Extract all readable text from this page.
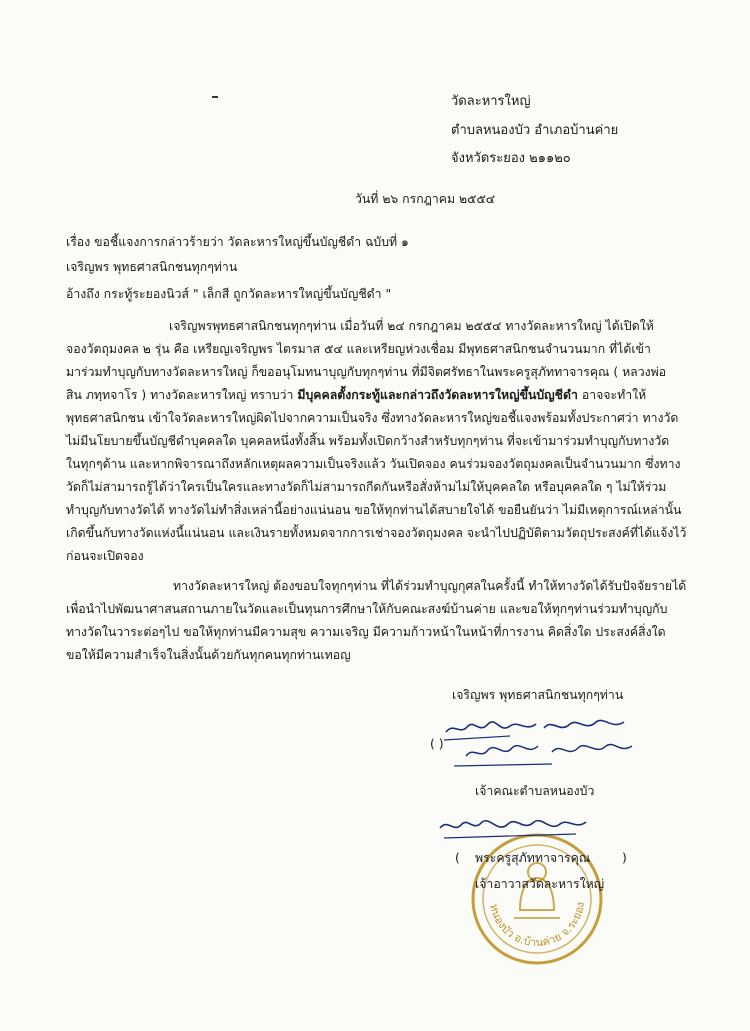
วัดละหารใหญ่
ตำบลหนองบัว อำเภอบ้านค่าย
จังหวัดระยอง ๒๑๑๒๐
วันที่ ๒๖ กรกฎาคม ๒๕๕๔
เรื่อง ขอชี้แจงการกล่าวร้ายว่า วัดละหารใหญ่ขึ้นบัญชีดำ ฉบับที่ ๑
เจริญพร พุทธศาสนิกชนทุกๆท่าน
อ้างถึง กระทู้ระยองนิวส์ " เล็กสี ถูกวัดละหารใหญ่ขึ้นบัญชีดำ "
เจริญพรพุทธศาสนิกชนทุกๆท่าน เมื่อวันที่ ๒๔ กรกฎาคม ๒๕๕๔ ทางวัดละหารใหญ่ ได้เปิดให้
จองวัตถุมงคล ๒ รุ่น คือ เหรียญเจริญพร ไตรมาส ๕๔ และเหรียญห่วงเชื่อม มีพุทธศาสนิกชนจำนวนมาก ที่ได้เข้า
มาร่วมทำบุญกับทางวัดละหารใหญ่ ก็ขออนุโมทนาบุญกับทุกๆท่าน ที่มีจิตศรัทธาในพระครูสุภัททาจารคุณ ( หลวงพ่อ
สิน ภทฺทจาโร ) ทางวัดละหารใหญ่ ทราบว่า มีบุคคลตั้งกระทู้และกล่าวถึงวัดละหารใหญ่ขึ้นบัญชีดำ อาจจะทำให้
พุทธศาสนิกชน เข้าใจวัดละหารใหญ่ผิดไปจากความเป็นจริง ซึ่งทางวัดละหารใหญ่ขอชี้แจงพร้อมทั้งประกาศว่า ทางวัด
ไม่มีนโยบายขึ้นบัญชีดำบุคคลใด บุคคลหนึ่งทั้งสิ้น พร้อมทั้งเปิดกว้างสำหรับทุกๆท่าน ที่จะเข้ามาร่วมทำบุญกับทางวัด
ในทุกๆด้าน และหากพิจารณาถึงหลักเหตุผลความเป็นจริงแล้ว วันเปิดจอง คนร่วมจองวัตถุมงคลเป็นจำนวนมาก ซึ่งทาง
วัดก็ไม่สามารถรู้ได้ว่าใครเป็นใครและทางวัดก็ไม่สามารถกีดกันหรือสั่งห้ามไม่ให้บุคคลใด หรือบุคคลใด ๆ ไม่ให้ร่วม
ทำบุญกับทางวัดได้ ทางวัดไม่ทำสิ่งเหล่านี้อย่างแน่นอน ขอให้ทุกท่านได้สบายใจได้ ขอยืนยันว่า ไม่มีเหตุการณ์เหล่านั้น
เกิดขึ้นกับทางวัดแห่งนี้แน่นอน และเงินรายทั้งหมดจากการเช่าจองวัตถุมงคล จะนำไปปฏิบัติตามวัตถุประสงค์ที่ได้แจ้งไว้
ก่อนจะเปิดจอง
ทางวัดละหารใหญ่ ต้องขอบใจทุกๆท่าน ที่ได้ร่วมทำบุญกุศลในครั้งนี้ ทำให้ทางวัดได้รับปัจจัยรายได้
เพื่อนำไปพัฒนาศาสนสถานภายในวัดและเป็นทุนการศึกษาให้กับคณะสงฆ์บ้านค่าย และขอให้ทุกๆท่านร่วมทำบุญกับ
ทางวัดในวาระต่อๆไป ขอให้ทุกท่านมีความสุข ความเจริญ มีความก้าวหน้าในหน้าที่การงาน คิดสิ่งใด ประสงค์สิ่งใด
ขอให้มีความสำเร็จในสิ่งนั้นด้วยกันทุกคนทุกท่านเทอญ
เจริญพร พุทธศาสนิกชนทุกๆท่าน
( )
เจ้าคณะตำบลหนองบัว
หนองบัว อ.บ้านค่าย จ.ระยอง
( พระครูสุภัททาจารคุณ	)
เจ้าอาวาสวัดละหารใหญ่
